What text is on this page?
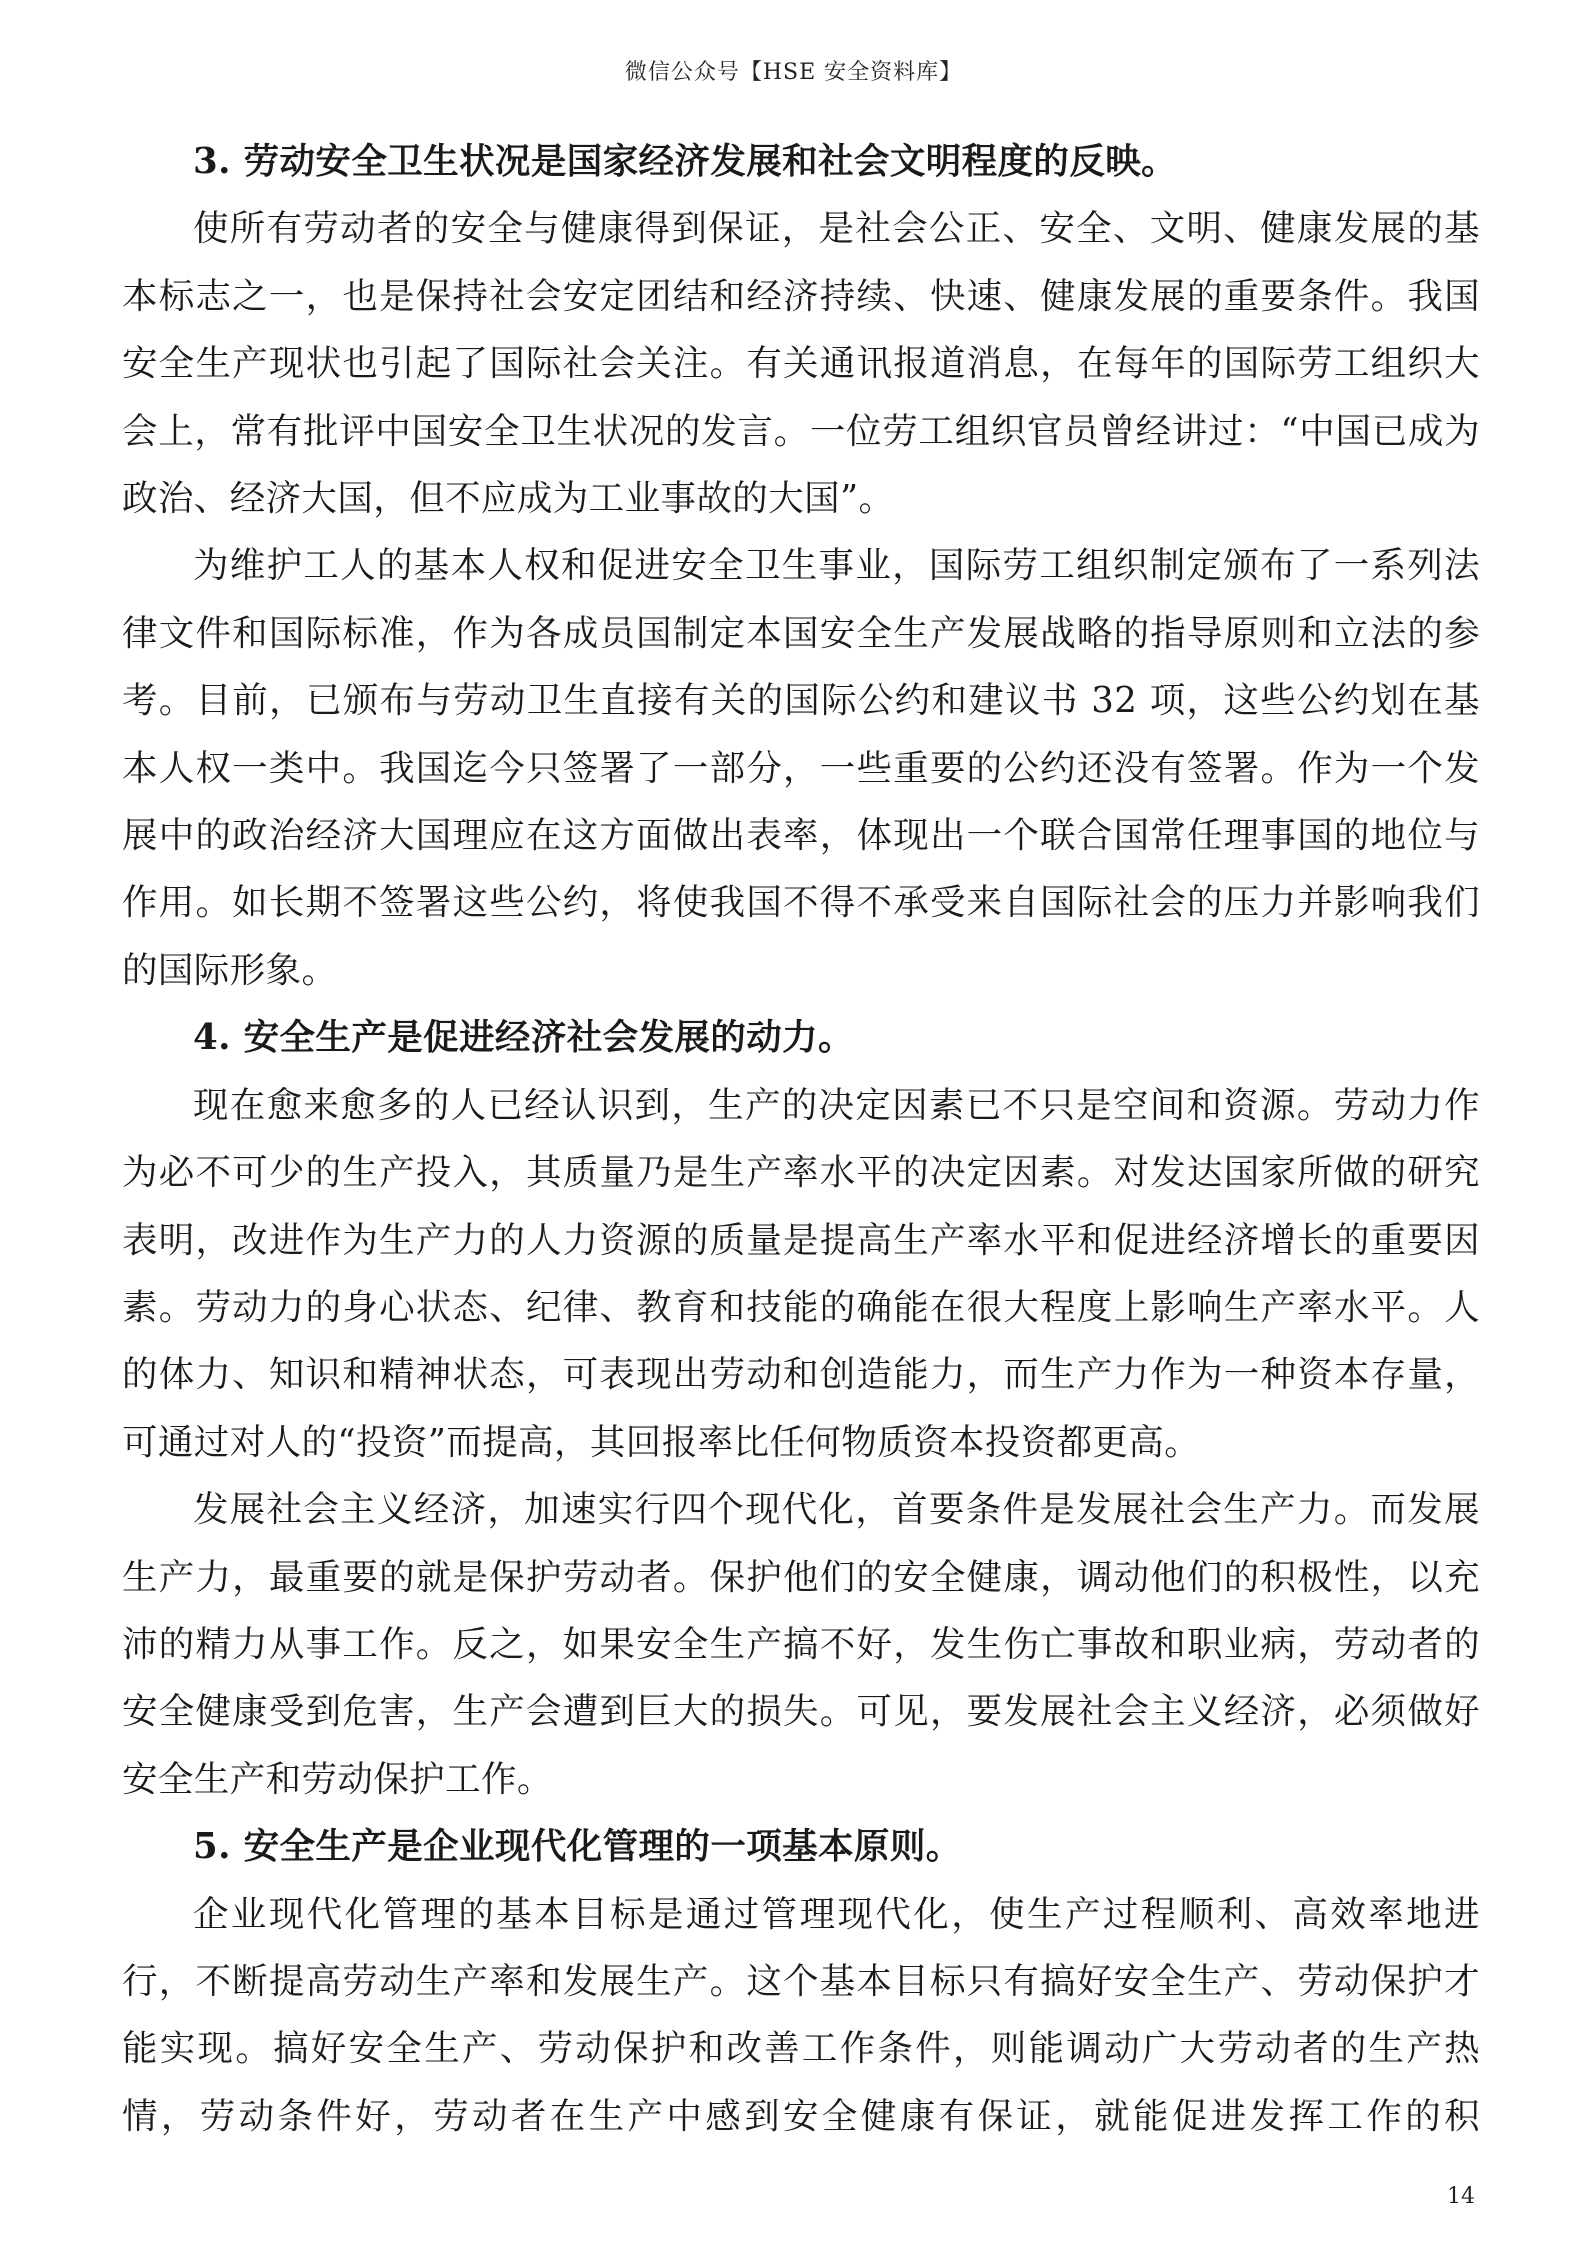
微信公众号【HSE 安全资料库】

3. 劳动安全卫生状况是国家经济发展和社会文明程度的反映。

使所有劳动者的安全与健康得到保证，是社会公正、安全、文明、健康发展的基本标志之一，也是保持社会安定团结和经济持续、快速、健康发展的重要条件。我国安全生产现状也引起了国际社会关注。有关通讯报道消息，在每年的国际劳工组织大会上，常有批评中国安全卫生状况的发言。一位劳工组织官员曾经讲过：“中国已成为政治、经济大国，但不应成为工业事故的大国”。

为维护工人的基本人权和促进安全卫生事业，国际劳工组织制定颁布了一系列法律文件和国际标准，作为各成员国制定本国安全生产发展战略的指导原则和立法的参考。目前，已颁布与劳动卫生直接有关的国际公约和建议书 32 项，这些公约划在基本人权一类中。我国迄今只签署了一部分，一些重要的公约还没有签署。作为一个发展中的政治经济大国理应在这方面做出表率，体现出一个联合国常任理事国的地位与作用。如长期不签署这些公约，将使我国不得不承受来自国际社会的压力并影响我们的国际形象。

4. 安全生产是促进经济社会发展的动力。

现在愈来愈多的人已经认识到，生产的决定因素已不只是空间和资源。劳动力作为必不可少的生产投入，其质量乃是生产率水平的决定因素。对发达国家所做的研究表明，改进作为生产力的人力资源的质量是提高生产率水平和促进经济增长的重要因素。劳动力的身心状态、纪律、教育和技能的确能在很大程度上影响生产率水平。人的体力、知识和精神状态，可表现出劳动和创造能力，而生产力作为一种资本存量，可通过对人的“投资”而提高，其回报率比任何物质资本投资都更高。

发展社会主义经济，加速实行四个现代化，首要条件是发展社会生产力。而发展生产力，最重要的就是保护劳动者。保护他们的安全健康，调动他们的积极性，以充沛的精力从事工作。反之，如果安全生产搞不好，发生伤亡事故和职业病，劳动者的安全健康受到危害，生产会遭到巨大的损失。可见，要发展社会主义经济，必须做好安全生产和劳动保护工作。

5. 安全生产是企业现代化管理的一项基本原则。

企业现代化管理的基本目标是通过管理现代化，使生产过程顺利、高效率地进行，不断提高劳动生产率和发展生产。这个基本目标只有搞好安全生产、劳动保护才能实现。搞好安全生产、劳动保护和改善工作条件，则能调动广大劳动者的生产热情，劳动条件好，劳动者在生产中感到安全健康有保证，就能促进发挥工作的积

14
